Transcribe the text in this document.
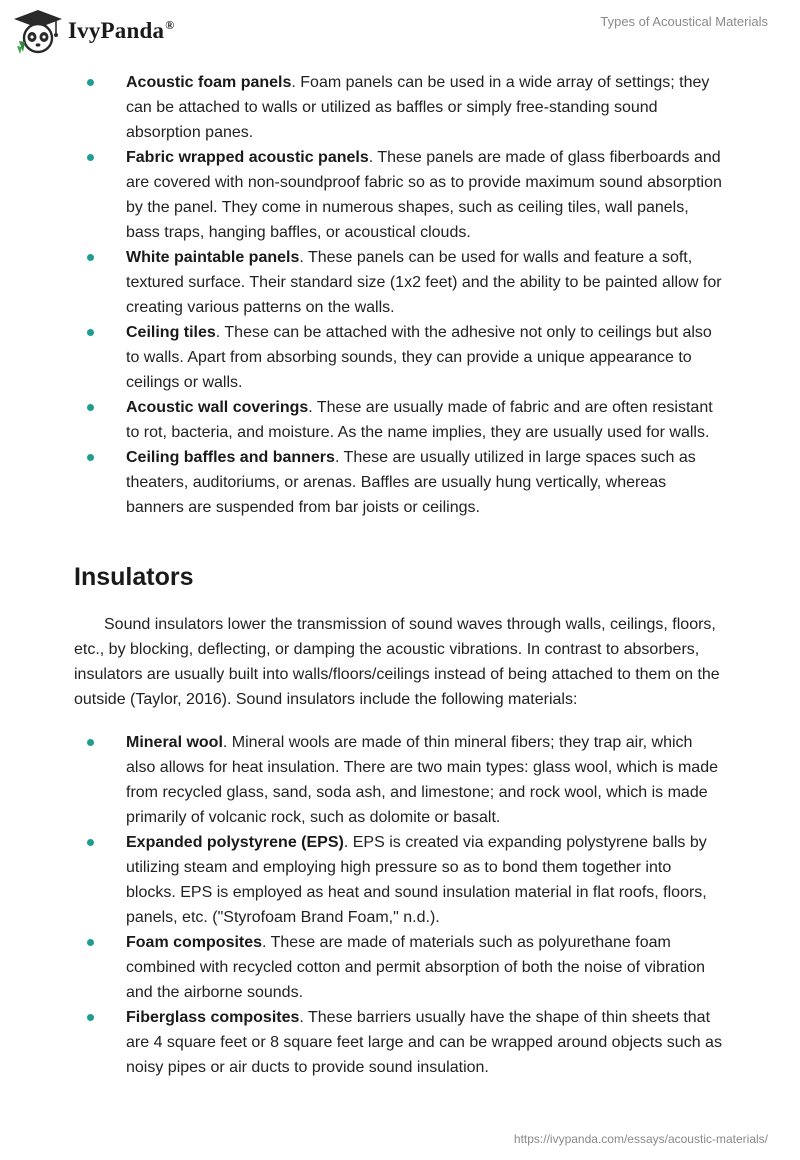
IvyPanda®	Types of Acoustical Materials
Acoustic foam panels. Foam panels can be used in a wide array of settings; they can be attached to walls or utilized as baffles or simply free-standing sound absorption panes.
Fabric wrapped acoustic panels. These panels are made of glass fiberboards and are covered with non-soundproof fabric so as to provide maximum sound absorption by the panel. They come in numerous shapes, such as ceiling tiles, wall panels, bass traps, hanging baffles, or acoustical clouds.
White paintable panels. These panels can be used for walls and feature a soft, textured surface. Their standard size (1x2 feet) and the ability to be painted allow for creating various patterns on the walls.
Ceiling tiles. These can be attached with the adhesive not only to ceilings but also to walls. Apart from absorbing sounds, they can provide a unique appearance to ceilings or walls.
Acoustic wall coverings. These are usually made of fabric and are often resistant to rot, bacteria, and moisture. As the name implies, they are usually used for walls.
Ceiling baffles and banners. These are usually utilized in large spaces such as theaters, auditoriums, or arenas. Baffles are usually hung vertically, whereas banners are suspended from bar joists or ceilings.
Insulators

Sound insulators lower the transmission of sound waves through walls, ceilings, floors, etc., by blocking, deflecting, or damping the acoustic vibrations. In contrast to absorbers, insulators are usually built into walls/floors/ceilings instead of being attached to them on the outside (Taylor, 2016). Sound insulators include the following materials:

Mineral wool. Mineral wools are made of thin mineral fibers; they trap air, which also allows for heat insulation. There are two main types: glass wool, which is made from recycled glass, sand, soda ash, and limestone; and rock wool, which is made primarily of volcanic rock, such as dolomite or basalt.
Expanded polystyrene (EPS). EPS is created via expanding polystyrene balls by utilizing steam and employing high pressure so as to bond them together into blocks. EPS is employed as heat and sound insulation material in flat roofs, floors, panels, etc. ("Styrofoam Brand Foam," n.d.).
Foam composites. These are made of materials such as polyurethane foam combined with recycled cotton and permit absorption of both the noise of vibration and the airborne sounds.
Fiberglass composites. These barriers usually have the shape of thin sheets that are 4 square feet or 8 square feet large and can be wrapped around objects such as noisy pipes or air ducts to provide sound insulation.
https://ivypanda.com/essays/acoustic-materials/
